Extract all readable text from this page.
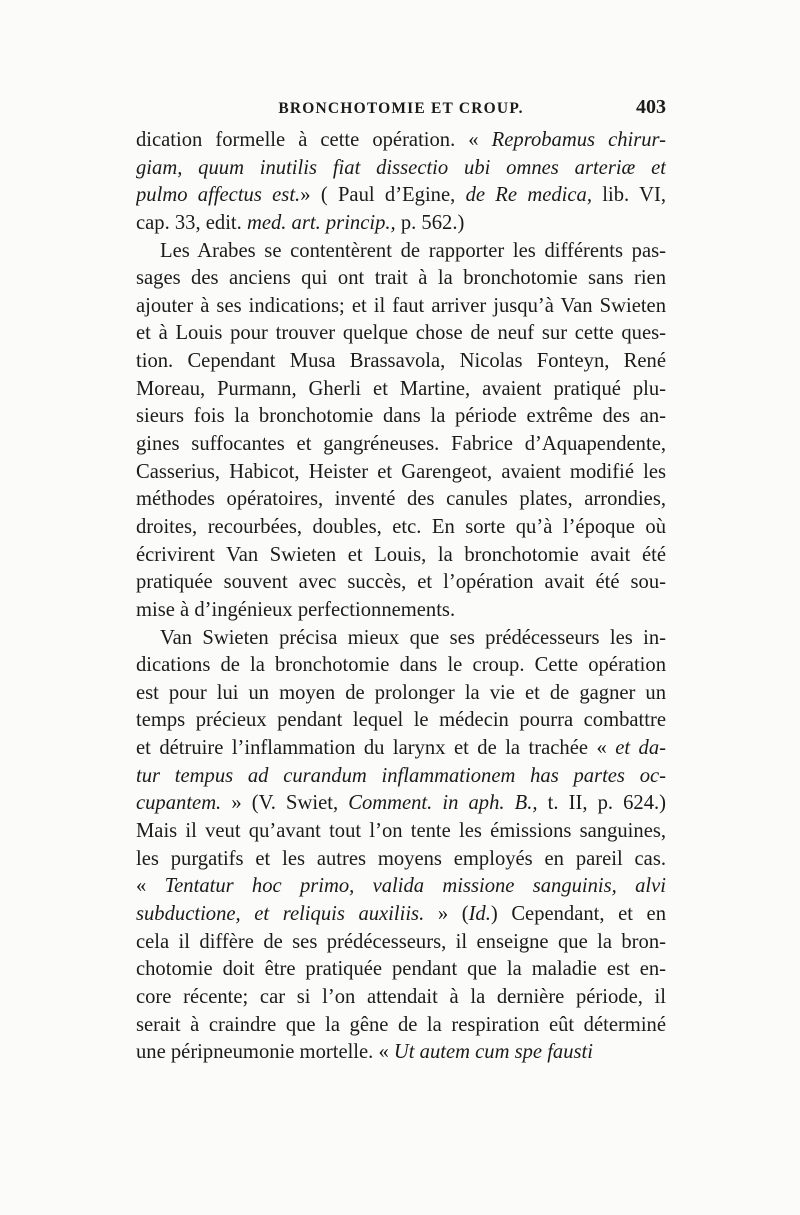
BRONCHOTOMIE ET CROUP.	403
dication formelle à cette opération. « Reprobamus chirur-
giam, quum inutilis fiat dissectio ubi omnes arteriæ et
pulmo affectus est.» ( Paul d’Egine, de Re medica, lib. VI,
cap. 33, edit. med. art. princip., p. 562.)
Les Arabes se contentèrent de rapporter les différents pas-
sages des anciens qui ont trait à la bronchotomie sans rien
ajouter à ses indications; et il faut arriver jusqu’à Van Swieten
et à Louis pour trouver quelque chose de neuf sur cette ques-
tion. Cependant Musa Brassavola, Nicolas Fonteyn, René
Moreau, Purmann, Gherli et Martine, avaient pratiqué plu-
sieurs fois la bronchotomie dans la période extrême des an-
gines suffocantes et gangréneuses. Fabrice d’Aquapendente,
Casserius, Habicot, Heister et Garengeot, avaient modifié les
méthodes opératoires, inventé des canules plates, arrondies,
droites, recourbées, doubles, etc. En sorte qu’à l’époque où
écrivirent Van Swieten et Louis, la bronchotomie avait été
pratiquée souvent avec succès, et l’opération avait été sou-
mise à d’ingénieux perfectionnements.
Van Swieten précisa mieux que ses prédécesseurs les in-
dications de la bronchotomie dans le croup. Cette opération
est pour lui un moyen de prolonger la vie et de gagner un
temps précieux pendant lequel le médecin pourra combattre
et détruire l’inflammation du larynx et de la trachée « et da-
tur tempus ad curandum inflammationem has partes oc-
cupantem. » (V. Swiet, Comment. in aph. B., t. II, p. 624.)
Mais il veut qu’avant tout l’on tente les émissions sanguines,
les purgatifs et les autres moyens employés en pareil cas.
« Tentatur hoc primo, valida missione sanguinis, alvi
subductione, et reliquis auxiliis. » (Id.) Cependant, et en
cela il diffère de ses prédécesseurs, il enseigne que la bron-
chotomie doit être pratiquée pendant que la maladie est en-
core récente; car si l’on attendait à la dernière période, il
serait à craindre que la gêne de la respiration eût déterminé
une péripneumonie mortelle. « Ut autem cum spe fausti
